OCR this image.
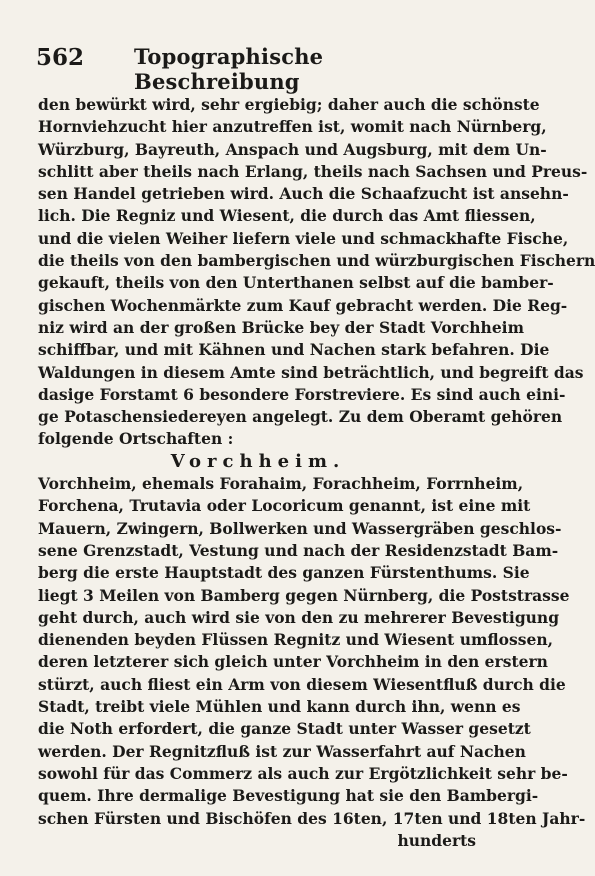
562 Topographische Beschreibung
den bewürkt wird, sehr ergiebig; daher auch die schönste
Hornviehzucht hier anzutreffen ist, womit nach Nürnberg,
Würzburg, Bayreuth, Anspach und Augsburg, mit dem Un-
schlitt aber theils nach Erlang, theils nach Sachsen und Preus-
sen Handel getrieben wird. Auch die Schaafzucht ist ansehn-
lich. Die Regniz und Wiesent, die durch das Amt fliessen,
und die vielen Weiher liefern viele und schmackhafte Fische,
die theils von den bambergischen und würzburgischen Fischern
gekauft, theils von den Unterthanen selbst auf die bamber-
gischen Wochenmärkte zum Kauf gebracht werden. Die Reg-
niz wird an der großen Brücke bey der Stadt Vorchheim
schiffbar, und mit Kähnen und Nachen stark befahren. Die
Waldungen in diesem Amte sind beträchtlich, und begreift das
dasige Forstamt 6 besondere Forstreviere. Es sind auch eini-
ge Potaschensiedereyen angelegt. Zu dem Oberamt gehören
folgende Ortschaften :
Vorchheim.
Vorchheim, ehemals Forahaim, Forachheim, Forrnheim,
Forchena, Trutavia oder Locoricum genannt, ist eine mit
Mauern, Zwingern, Bollwerken und Wassergräben geschlos-
sene Grenzstadt, Vestung und nach der Residenzstadt Bam-
berg die erste Hauptstadt des ganzen Fürstenthums. Sie
liegt 3 Meilen von Bamberg gegen Nürnberg, die Poststrasse
geht durch, auch wird sie von den zu mehrerer Bevestigung
dienenden beyden Flüssen Regnitz und Wiesent umflossen,
deren letzterer sich gleich unter Vorchheim in den erstern
stürzt, auch fliest ein Arm von diesem Wiesentfluß durch die
Stadt, treibt viele Mühlen und kann durch ihn, wenn es
die Noth erfordert, die ganze Stadt unter Wasser gesetzt
werden. Der Regnitzfluß ist zur Wasserfahrt auf Nachen
sowohl für das Commerz als auch zur Ergötzlichkeit sehr be-
quem. Ihre dermalige Bevestigung hat sie den Bambergi-
schen Fürsten und Bischöfen des 16ten, 17ten und 18ten Jahr-
hunderts
